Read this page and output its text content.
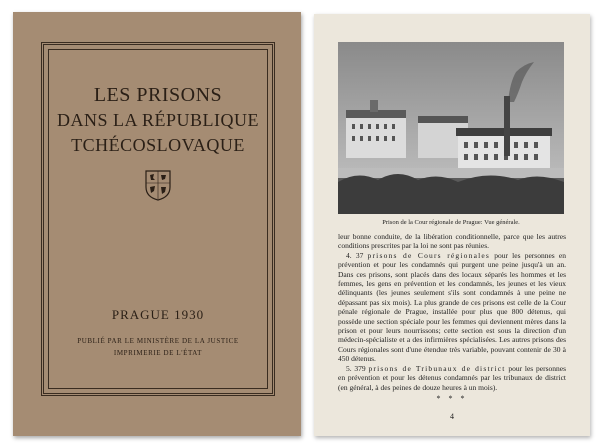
LES PRISONS
DANS LA RÉPUBLIQUE
TCHÉCOSLOVAQUE
PRAGUE 1930
PUBLIÉ PAR LE MINISTÈRE DE LA JUSTICE
IMPRIMERIE DE L'ÉTAT
Prison de la Cour régionale de Prague: Vue générale.

leur bonne conduite, de la libération conditionnelle, parce que les autres conditions prescrites par la loi ne sont pas réunies.

4. 37 prisons de Cours régionales pour les personnes en prévention et pour les condamnés qui purgent une peine jusqu'à un an. Dans ces prisons, sont placés dans des locaux séparés les hommes et les femmes, les gens en prévention et les condamnés, les jeunes et les vieux délinquants (les jeunes seulement s'ils sont condamnés à une peine ne dépassant pas six mois). La plus grande de ces prisons est celle de la Cour pénale régionale de Prague, installée pour plus que 800 détenus, qui possède une section spéciale pour les femmes qui deviennent mères dans la prison et pour leurs nourrissons; cette section est sous la direction d'un médecin-spécialiste et a des infirmières spécialisées. Les autres prisons des Cours régionales sont d'une étendue très variable, pouvant contenir de 30 à 450 détenus.

5. 379 prisons de Tribunaux de district pour les personnes en prévention et pour les détenus condamnés par les tribunaux de district (en général, à des peines de douze heures à un mois).

* * *
4
